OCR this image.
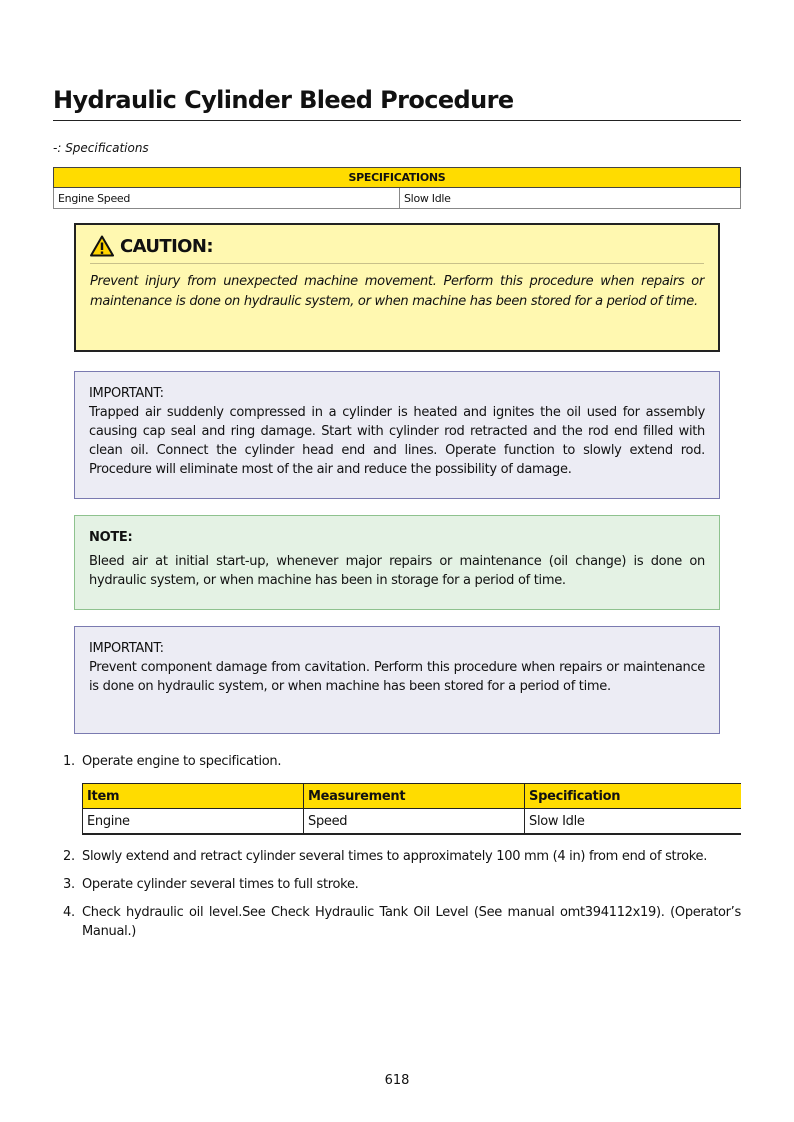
Hydraulic Cylinder Bleed Procedure
-: Specifications
SPECIFICATIONS
Engine Speed	Slow Idle
CAUTION:
Prevent injury from unexpected machine movement. Perform this procedure when repairs or maintenance is done on hydraulic system, or when machine has been stored for a period of time.
IMPORTANT:
Trapped air suddenly compressed in a cylinder is heated and ignites the oil used for assembly causing cap seal and ring damage. Start with cylinder rod retracted and the rod end filled with clean oil. Connect the cylinder head end and lines. Operate function to slowly extend rod. Procedure will eliminate most of the air and reduce the possibility of damage.
NOTE:
Bleed air at initial start-up, whenever major repairs or maintenance (oil change) is done on hydraulic system, or when machine has been in storage for a period of time.
IMPORTANT:
Prevent component damage from cavitation. Perform this procedure when repairs or maintenance is done on hydraulic system, or when machine has been stored for a period of time.
1. Operate engine to specification.
Item	Measurement	Specification
Engine	Speed	Slow Idle
2. Slowly extend and retract cylinder several times to approximately 100 mm (4 in) from end of stroke.
3. Operate cylinder several times to full stroke.
4. Check hydraulic oil level.See Check Hydraulic Tank Oil Level (See manual omt394112x19). (Operator’s Manual.)
618
